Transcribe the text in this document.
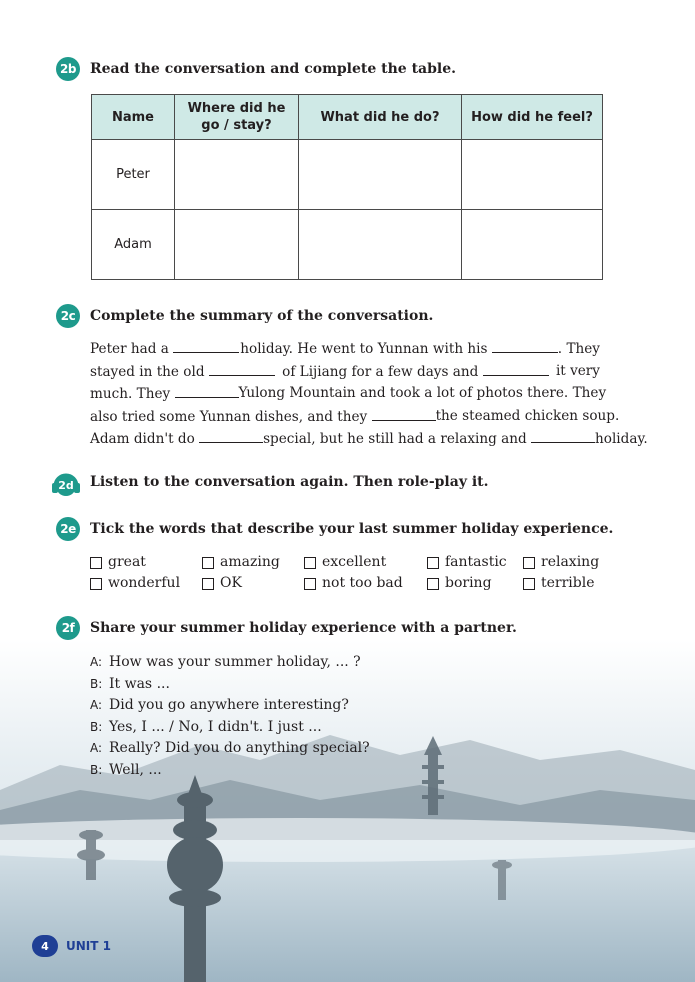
2b Read the conversation and complete the table.
Name	Where did he go / stay?	What did he do?	How did he feel?
Peter			
Adam			
2c	Complete the summary of the conversation.
Peter had a	holiday. He went to Yunnan with his	. They
stayed in the old	of Lijiang for a few days and	it very
much. They	Yulong Mountain and took a lot of photos there. They
also tried some Yunnan dishes, and they	the steamed chicken soup.
Adam didn't do	special, but he still had a relaxing and	holiday.
2d Listen to the conversation again. Then role-play it.
2e	Tick the words that describe your last summer holiday experience.
great	amazing	excellent	fantastic relaxing
wonderful	OK	not too bad	boring	terrible
2f	Share your summer holiday experience with a partner.
A: How was your summer holiday, ... ?
B: It was ...
A: Did you go anywhere interesting?
B: Yes, I ... / No, I didn't. I just ...
A: Really? Did you do anything special?
B: Well, ...
4	UNIT 1
